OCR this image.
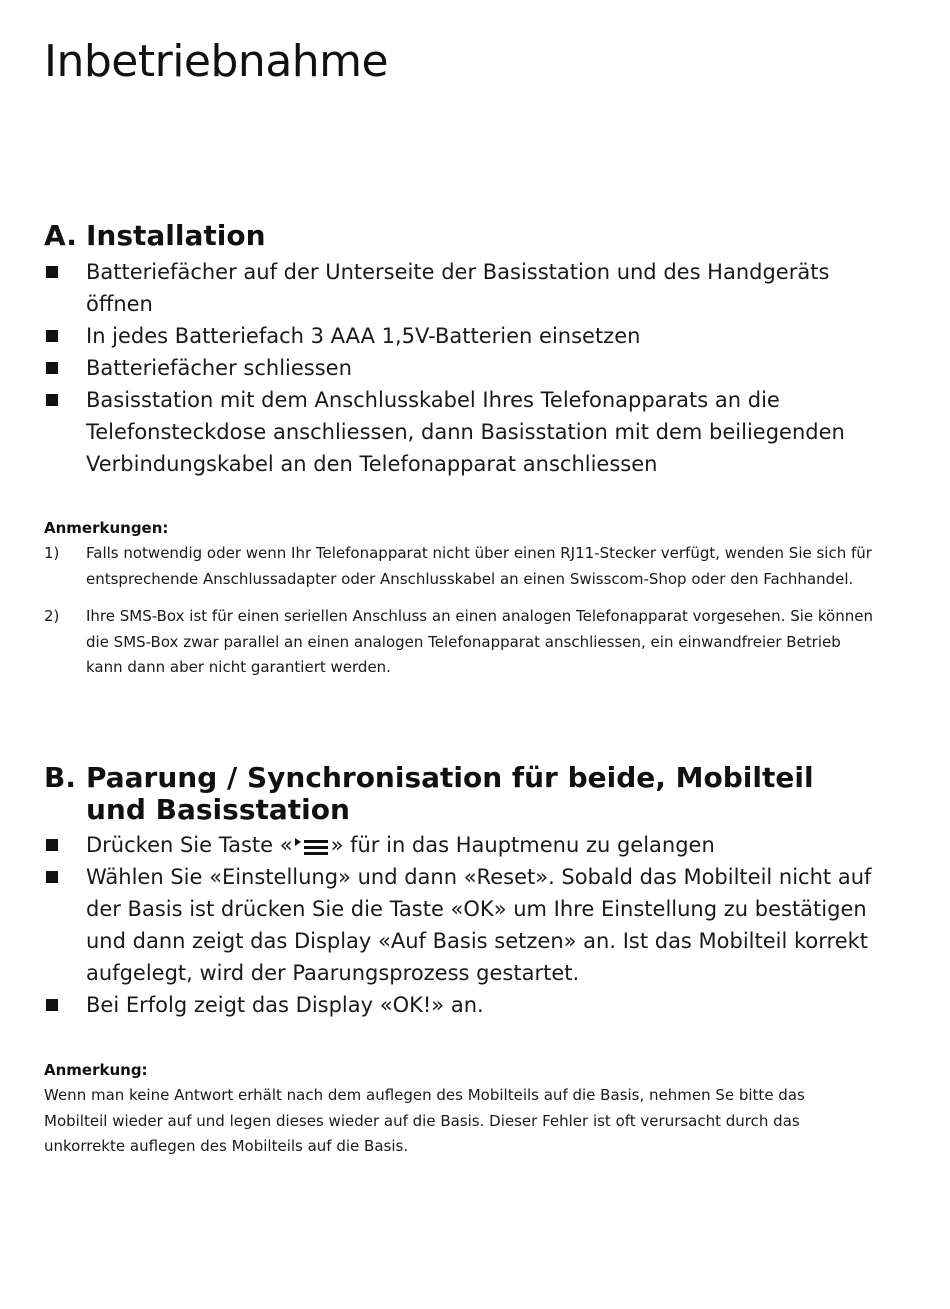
Inbetriebnahme
A. Installation
Batteriefächer auf der Unterseite der Basisstation und des Handgeräts öffnen
In jedes Batteriefach 3 AAA 1,5V-Batterien einsetzen
Batteriefächer schliessen
Basisstation mit dem Anschlusskabel Ihres Telefonapparats an die Telefonsteckdose anschliessen, dann Basisstation mit dem beiliegenden Verbindungskabel an den Telefonapparat anschliessen
Anmerkungen:
1)	Falls notwendig oder wenn Ihr Telefonapparat nicht über einen RJ11-Stecker verfügt, wenden Sie sich für entsprechende Anschlussadapter oder Anschlusskabel an einen Swisscom-Shop oder den Fachhandel.
2)	Ihre SMS-Box ist für einen seriellen Anschluss an einen analogen Telefonapparat vorgesehen. Sie können die SMS-Box zwar parallel an einen analogen Telefonapparat anschliessen, ein einwandfreier Betrieb kann dann aber nicht garantiert werden.
B. Paarung / Synchronisation für beide, Mobilteil
und Basisstation
Drücken Sie Taste « » für in das Hauptmenu zu gelangen
Wählen Sie «Einstellung» und dann «Reset». Sobald das Mobilteil nicht auf der Basis ist drücken Sie die Taste «OK» um Ihre Einstellung zu bestätigen und dann zeigt das Display «Auf Basis setzen» an. Ist das Mobilteil korrekt aufgelegt, wird der Paarungsprozess gestartet.
Bei Erfolg zeigt das Display «OK!» an.
Anmerkung:

Wenn man keine Antwort erhält nach dem auflegen des Mobilteils auf die Basis, nehmen Se bitte das Mobilteil wieder auf und legen dieses wieder auf die Basis. Dieser Fehler ist oft verursacht durch das unkorrekte auflegen des Mobilteils auf die Basis.
